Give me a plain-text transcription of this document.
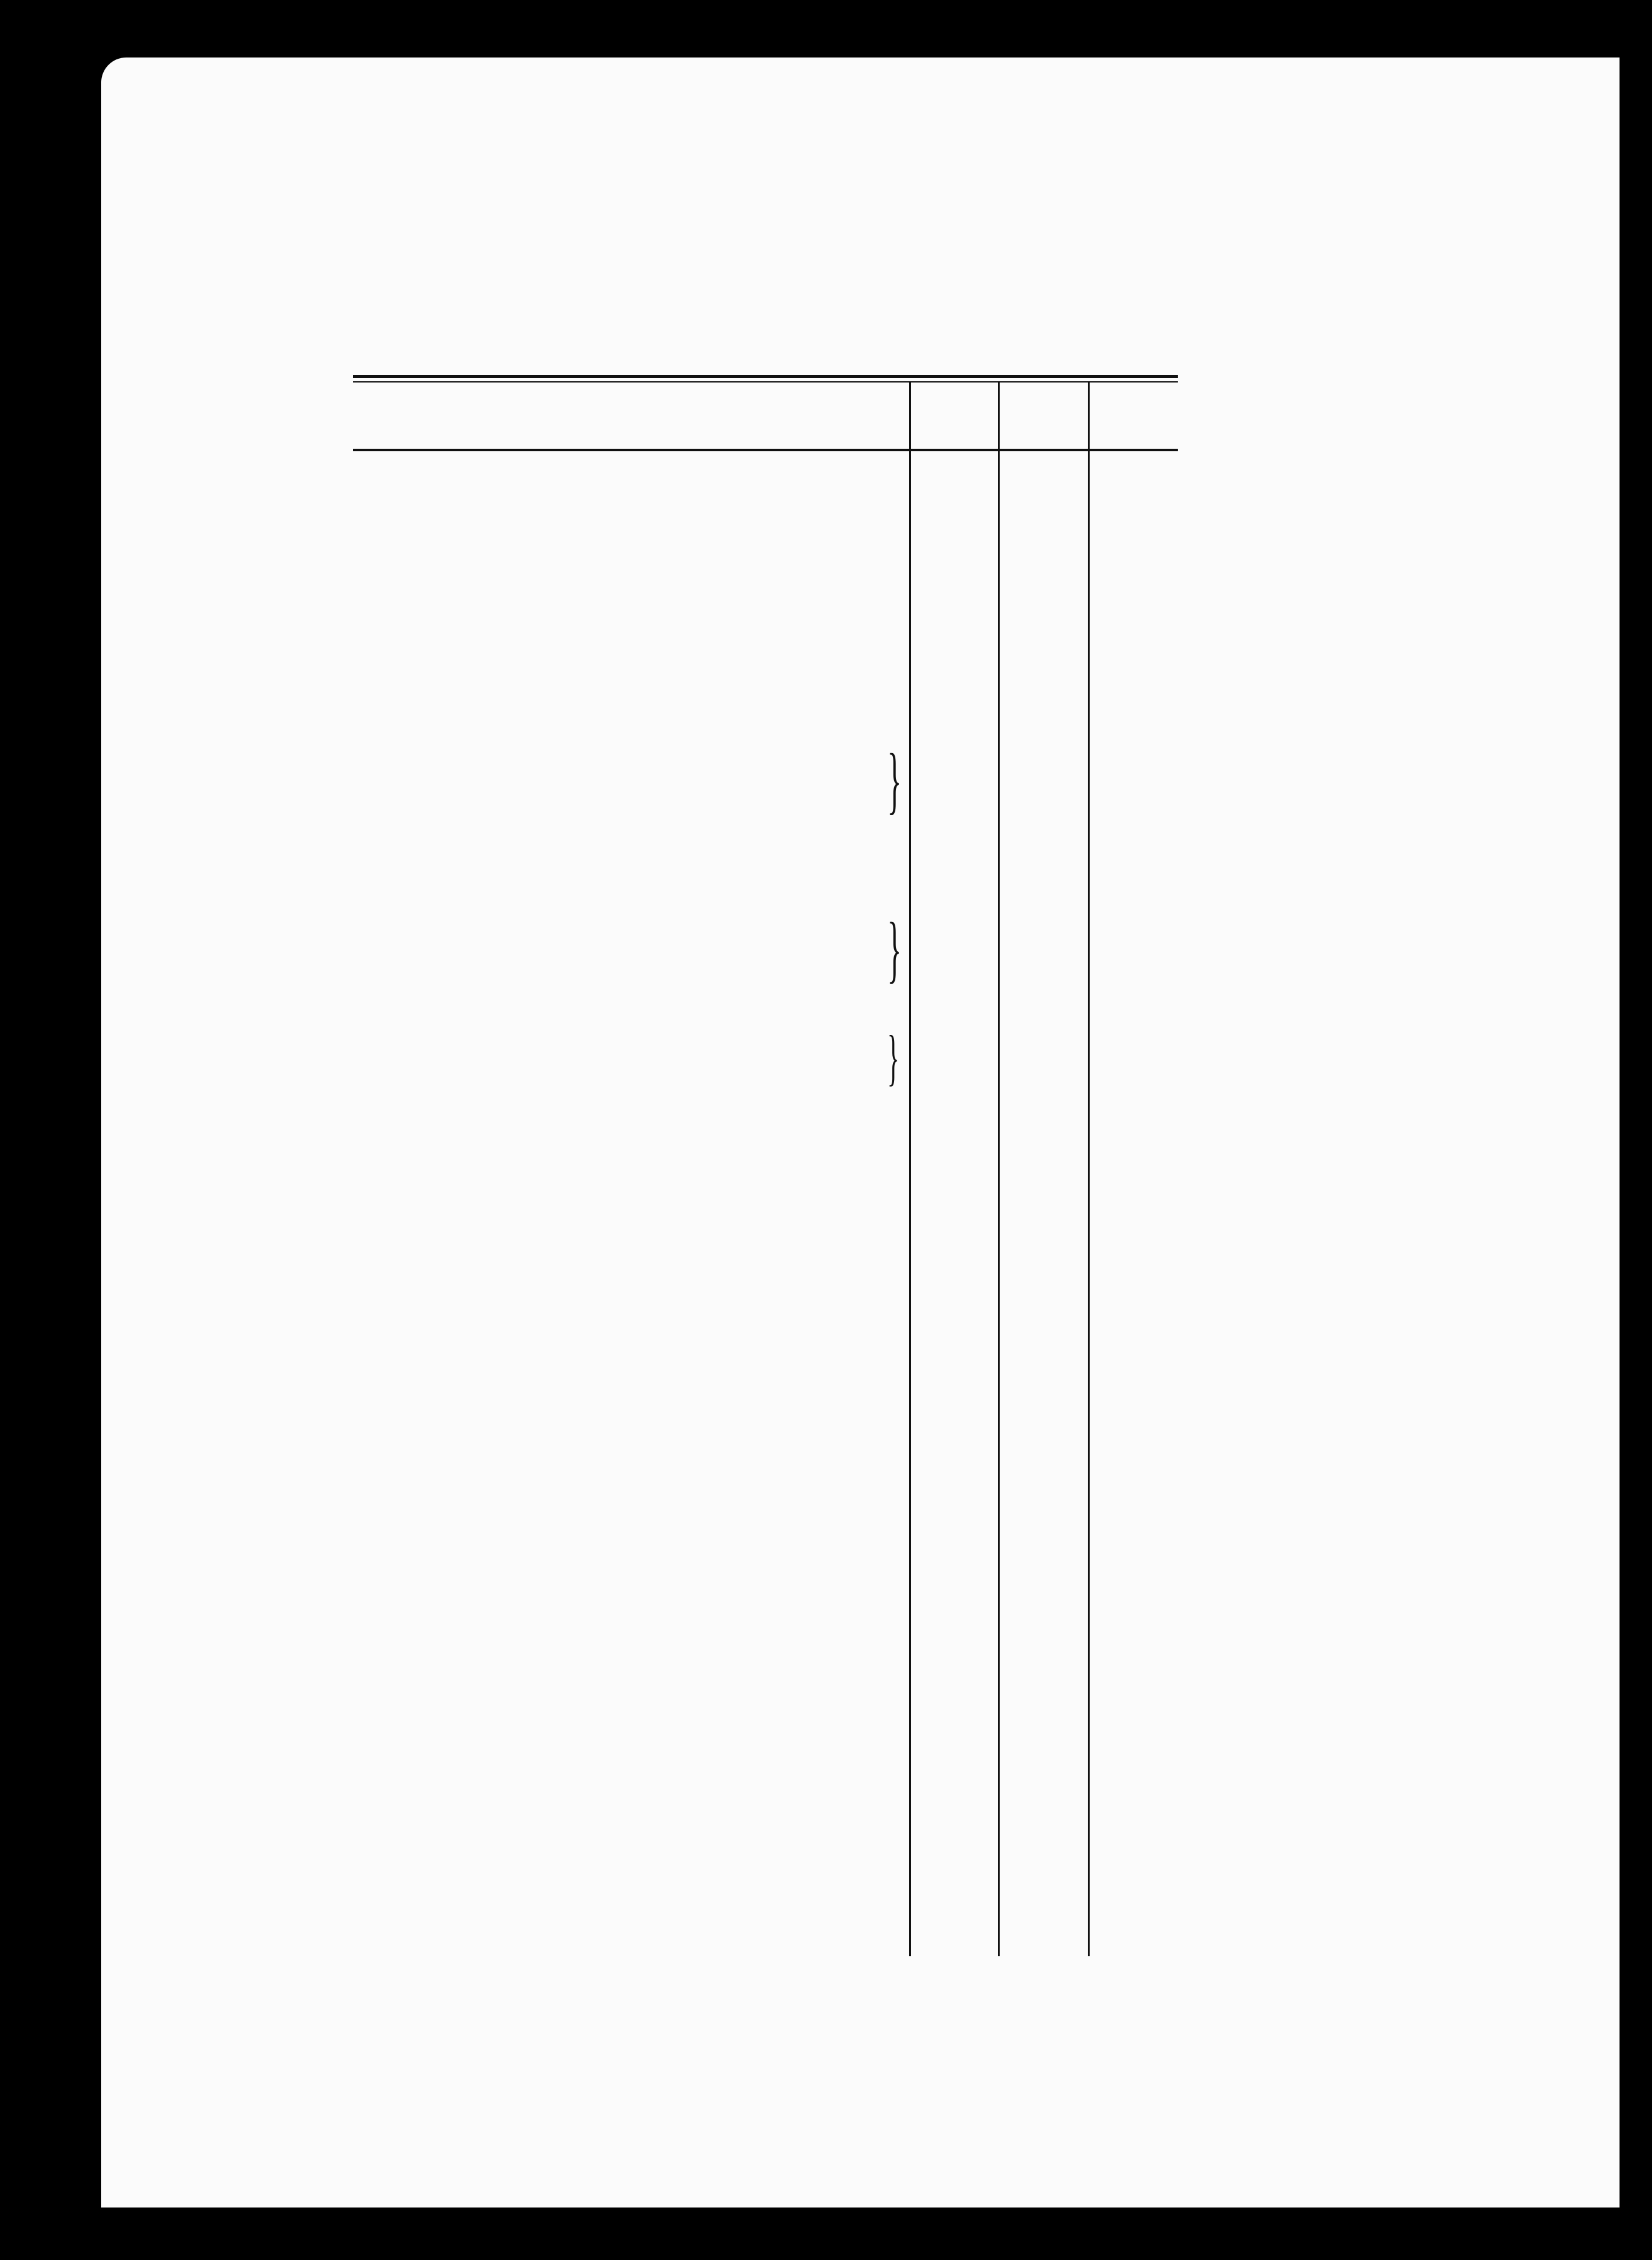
}
}
}
